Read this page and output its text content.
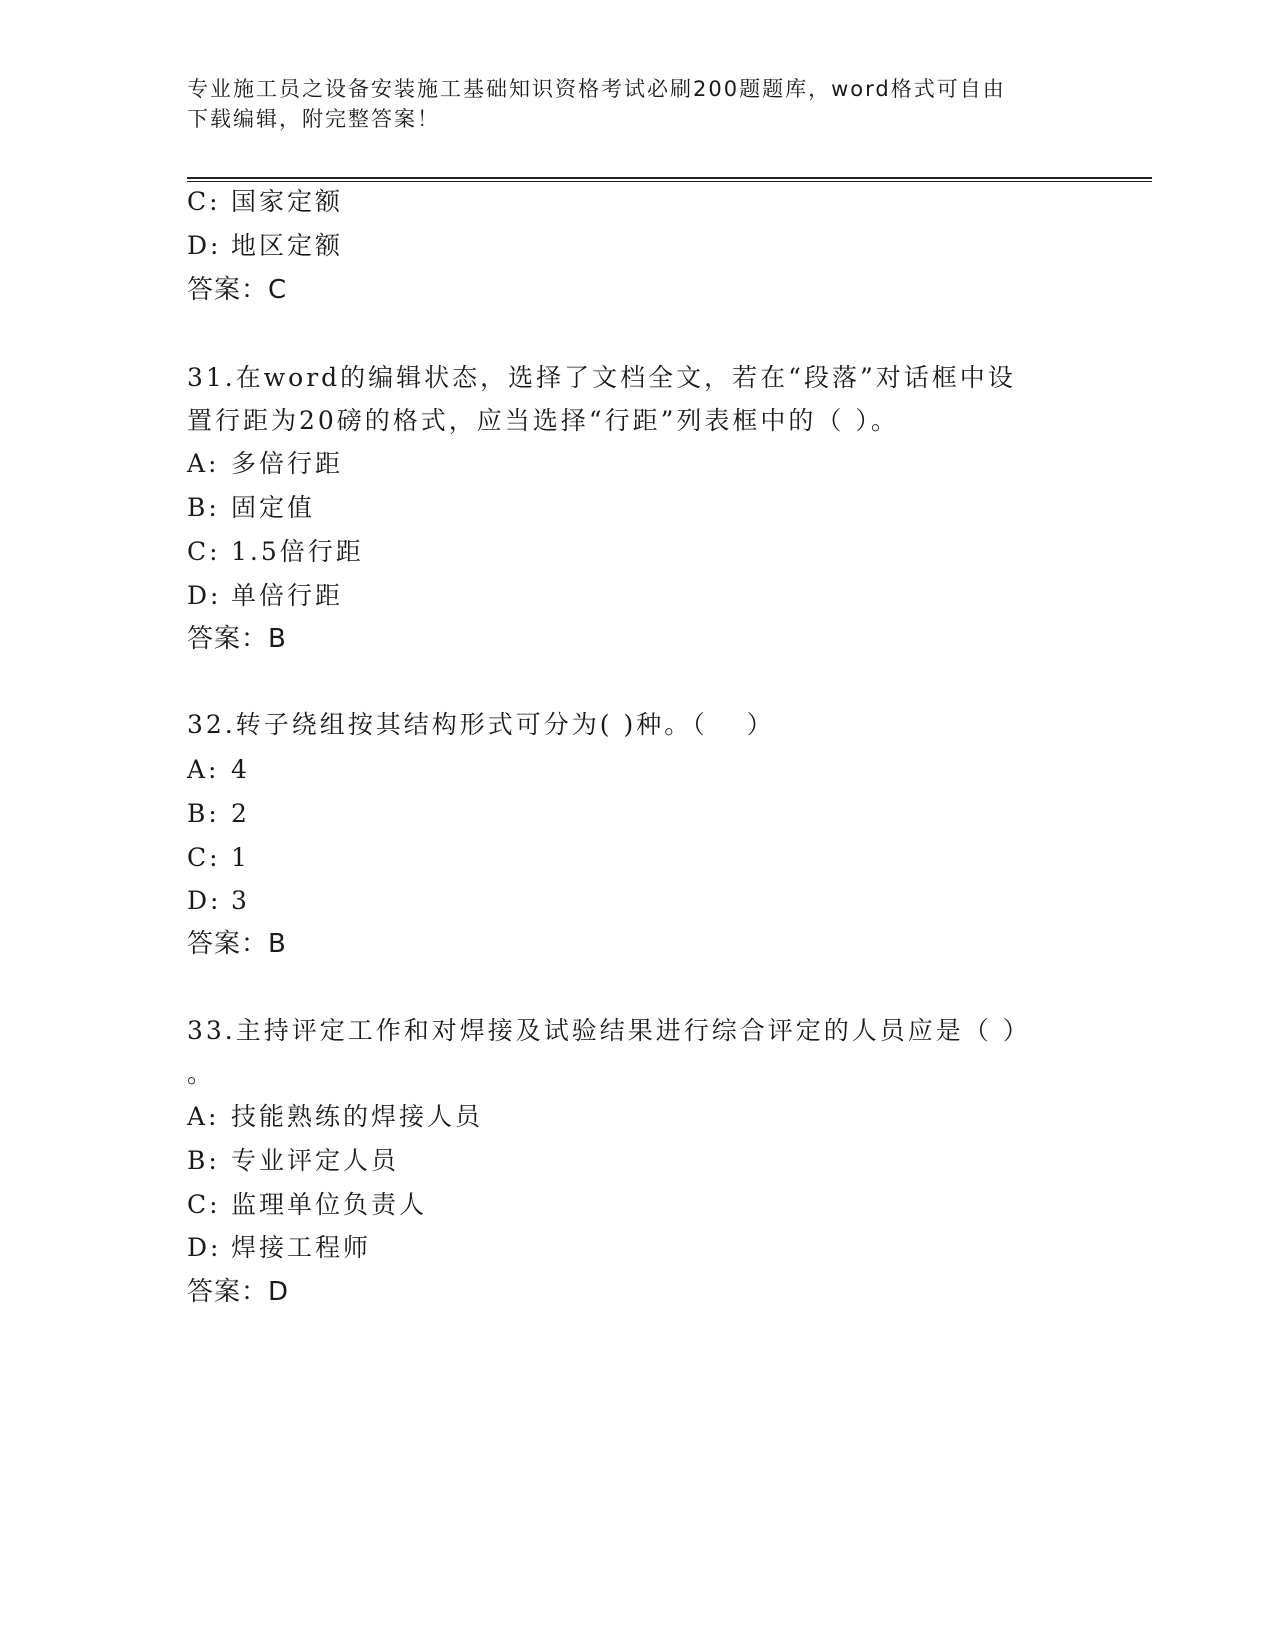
专业施工员之设备安装施工基础知识资格考试必刷200题题库，word格式可自由
下载编辑，附完整答案！
C: 国家定额
D: 地区定额
答案：C
31.在word的编辑状态，选择了文档全文，若在“段落”对话框中设
置行距为20磅的格式，应当选择“行距”列表框中的（ ）。
A: 多倍行距
B: 固定值
C: 1.5倍行距
D: 单倍行距
答案：B
32.转子绕组按其结构形式可分为( )种。（　 ）
A: 4
B: 2
C: 1
D: 3
答案：B
33.主持评定工作和对焊接及试验结果进行综合评定的人员应是（ ）
。
A: 技能熟练的焊接人员
B: 专业评定人员
C: 监理单位负责人
D: 焊接工程师
答案：D
